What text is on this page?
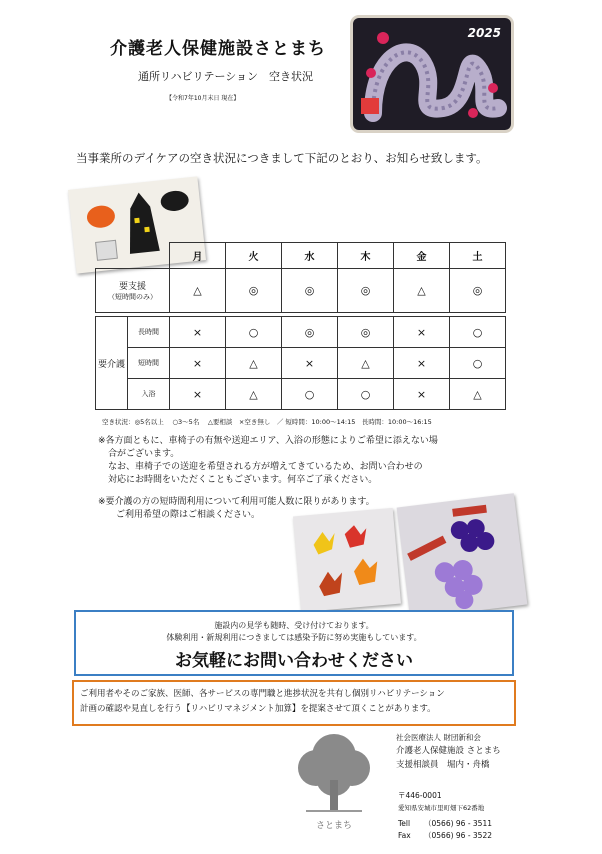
介護老人保健施設さとまち
通所リハビリテーション　空き状況
【令和7年10月末日 現在】
2025
当事業所のデイケアの空き状況につきまして下記のとおり、お知らせ致します。
		月	火	水	木	金	土

要支援
（短時間のみ）		△	◎	◎	◎	△	◎

要介護	長時間	×	○	◎	◎	×	○
	短時間	×	△	×	△	×	○
	入浴	×	△	○	○	×	△
空き状況：◎5名以上　 ○3～5名　 △要相談　×空き無し　／ 短時間：10:00～14:15　長時間：10:00～16:15
※各方面ともに、車椅子の有無や送迎エリア、入浴の形態によりご希望に添えない場
合がございます。
なお、車椅子での送迎を希望される方が増えてきているため、お問い合わせの
対応にお時間をいただくこともございます。何卒ご了承ください。
※要介護の方の短時間利用について利用可能人数に限りがあります。
ご利用希望の際はご相談ください。
施設内の見学も随時、受け付けております。
体験利用・新規利用につきましては感染予防に努め実施もしています。
お気軽にお問い合わせください
ご利用者やそのご家族、医師、各サービスの専門職と進捗状況を共有し個別リハビリテーション
計画の確認や見直しを行う【リハビリマネジメント加算】を提案させて頂くことがあります。
さとまち
社会医療法人 財団新和会
介護老人保健施設 さとまち
支援相談員　堀内・舟橋
〒446-0001
愛知県安城市里町畑下62番地
Tell （0566) 96 - 3511
Fax （0566) 96 - 3522
